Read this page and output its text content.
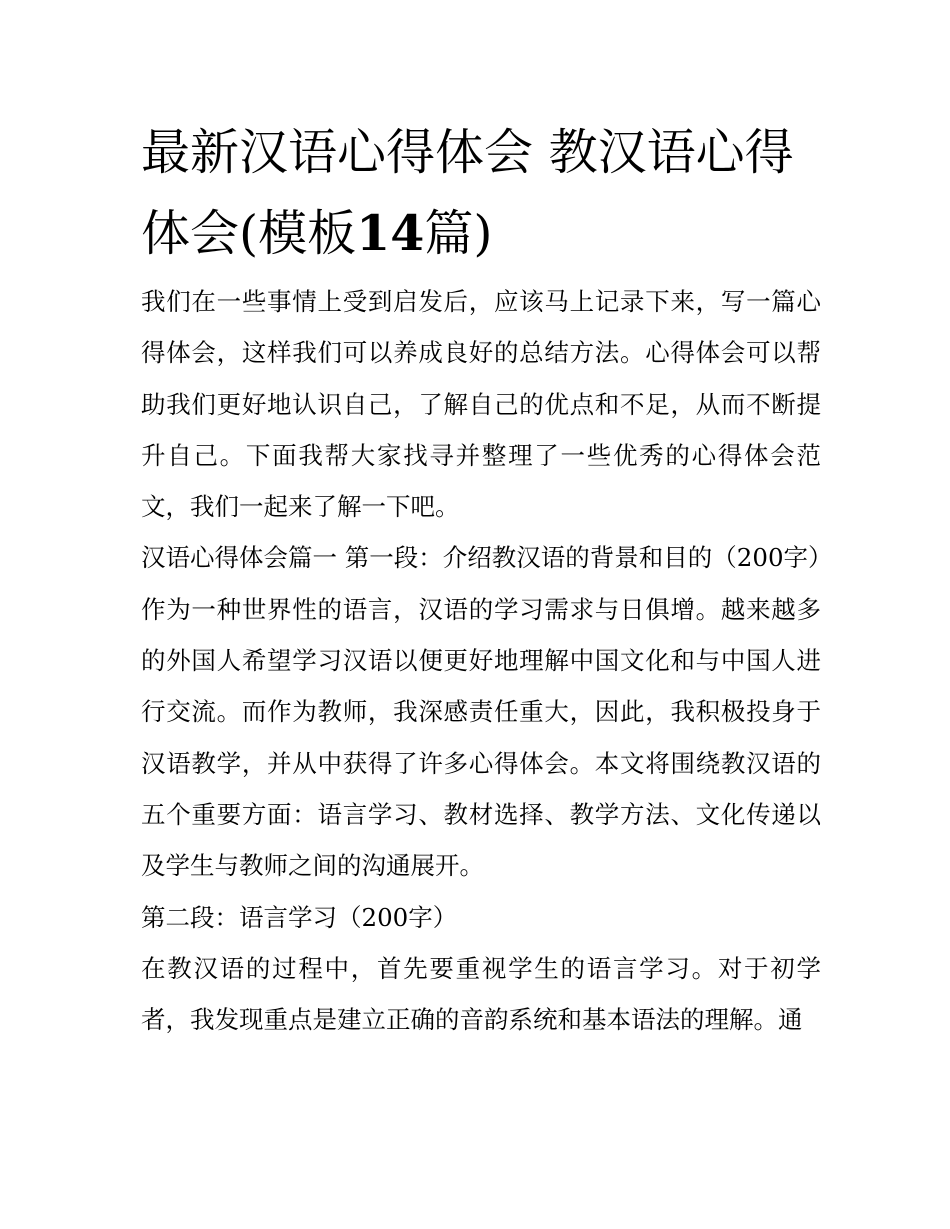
最新汉语心得体会 教汉语心得体会(模板14篇)

我们在一些事情上受到启发后，应该马上记录下来，写一篇心得体会，这样我们可以养成良好的总结方法。心得体会可以帮助我们更好地认识自己，了解自己的优点和不足，从而不断提升自己。下面我帮大家找寻并整理了一些优秀的心得体会范文，我们一起来了解一下吧。

汉语心得体会篇一 第一段：介绍教汉语的背景和目的（200字）

作为一种世界性的语言，汉语的学习需求与日俱增。越来越多的外国人希望学习汉语以便更好地理解中国文化和与中国人进行交流。而作为教师，我深感责任重大，因此，我积极投身于汉语教学，并从中获得了许多心得体会。本文将围绕教汉语的五个重要方面：语言学习、教材选择、教学方法、文化传递以及学生与教师之间的沟通展开。

第二段：语言学习（200字）

在教汉语的过程中，首先要重视学生的语言学习。对于初学者，我发现重点是建立正确的音韵系统和基本语法的理解。通
